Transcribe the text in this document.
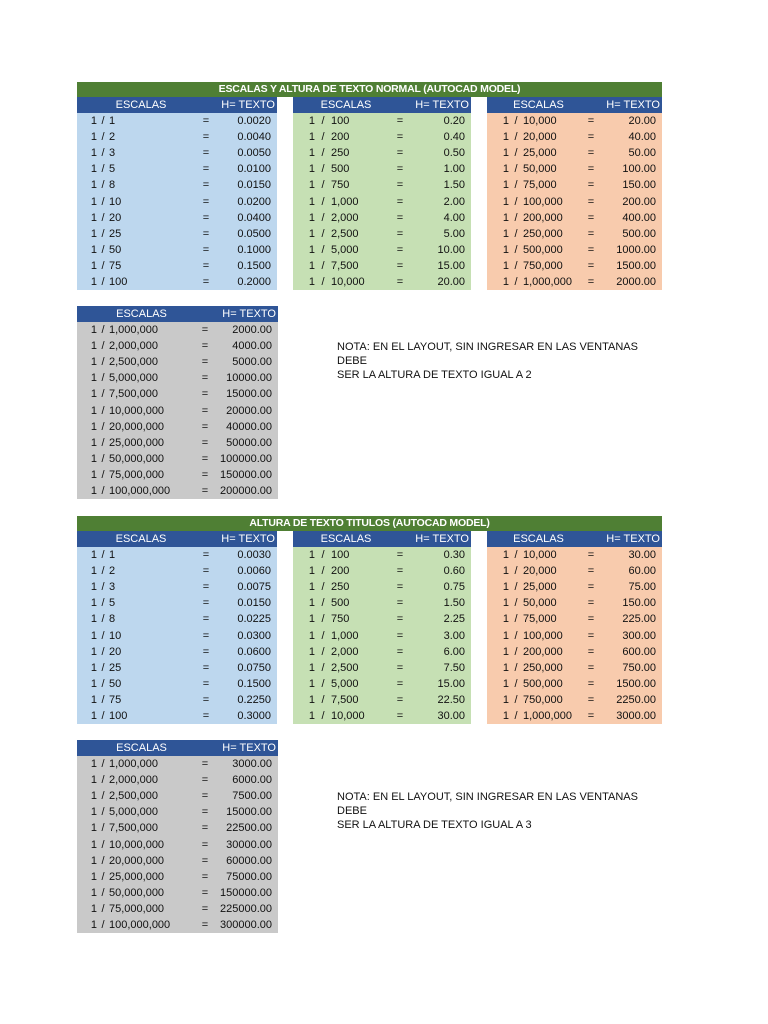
ESCALAS Y ALTURA DE TEXTO NORMAL (AUTOCAD MODEL)
ESCALAS	H= TEXTO
1 / 1	=	0.0020
1 / 2	=	0.0040
1 / 3	=	0.0050
1 / 5	=	0.0100
1 / 8	=	0.0150
1 / 10	=	0.0200
1 / 20	=	0.0400
1 / 25	=	0.0500
1 / 50	=	0.1000
1 / 75	=	0.1500
1 / 100	=	0.2000
ESCALAS	H= TEXTO
1 / 100	=	0.20
1 / 200	=	0.40
1 / 250	=	0.50
1 / 500	=	1.00
1 / 750	=	1.50
1 / 1,000	=	2.00
1 / 2,000	=	4.00
1 / 2,500	=	5.00
1 / 5,000	=	10.00
1 / 7,500	=	15.00
1 / 10,000	=	20.00
ESCALAS	H= TEXTO
1 / 10,000	=	20.00
1 / 20,000	=	40.00
1 / 25,000	=	50.00
1 / 50,000	=	100.00
1 / 75,000	=	150.00
1 / 100,000	=	200.00
1 / 200,000	=	400.00
1 / 250,000	=	500.00
1 / 500,000	=	1000.00
1 / 750,000	=	1500.00
1 / 1,000,000	=	2000.00
ESCALAS	H= TEXTO
1 / 1,000,000	=	2000.00
1 / 2,000,000	=	4000.00
1 / 2,500,000	=	5000.00
1 / 5,000,000	=	10000.00
1 / 7,500,000	=	15000.00
1 / 10,000,000	=	20000.00
1 / 20,000,000	=	40000.00
1 / 25,000,000	=	50000.00
1 / 50,000,000	=	100000.00
1 / 75,000,000	=	150000.00
1 / 100,000,000	=	200000.00
NOTA: EN EL LAYOUT, SIN INGRESAR EN LAS VENTANAS DEBE
SER LA ALTURA DE TEXTO IGUAL A 2
ALTURA DE TEXTO TITULOS (AUTOCAD MODEL)
ESCALAS	H= TEXTO
1 / 1	=	0.0030
1 / 2	=	0.0060
1 / 3	=	0.0075
1 / 5	=	0.0150
1 / 8	=	0.0225
1 / 10	=	0.0300
1 / 20	=	0.0600
1 / 25	=	0.0750
1 / 50	=	0.1500
1 / 75	=	0.2250
1 / 100	=	0.3000
ESCALAS	H= TEXTO
1 / 100	=	0.30
1 / 200	=	0.60
1 / 250	=	0.75
1 / 500	=	1.50
1 / 750	=	2.25
1 / 1,000	=	3.00
1 / 2,000	=	6.00
1 / 2,500	=	7.50
1 / 5,000	=	15.00
1 / 7,500	=	22.50
1 / 10,000	=	30.00
ESCALAS	H= TEXTO
1 / 10,000	=	30.00
1 / 20,000	=	60.00
1 / 25,000	=	75.00
1 / 50,000	=	150.00
1 / 75,000	=	225.00
1 / 100,000	=	300.00
1 / 200,000	=	600.00
1 / 250,000	=	750.00
1 / 500,000	=	1500.00
1 / 750,000	=	2250.00
1 / 1,000,000	=	3000.00
ESCALAS	H= TEXTO
1 / 1,000,000	=	3000.00
1 / 2,000,000	=	6000.00
1 / 2,500,000	=	7500.00
1 / 5,000,000	=	15000.00
1 / 7,500,000	=	22500.00
1 / 10,000,000	=	30000.00
1 / 20,000,000	=	60000.00
1 / 25,000,000	=	75000.00
1 / 50,000,000	=	150000.00
1 / 75,000,000	=	225000.00
1 / 100,000,000	=	300000.00
NOTA: EN EL LAYOUT, SIN INGRESAR EN LAS VENTANAS DEBE
SER LA ALTURA DE TEXTO IGUAL A 3
